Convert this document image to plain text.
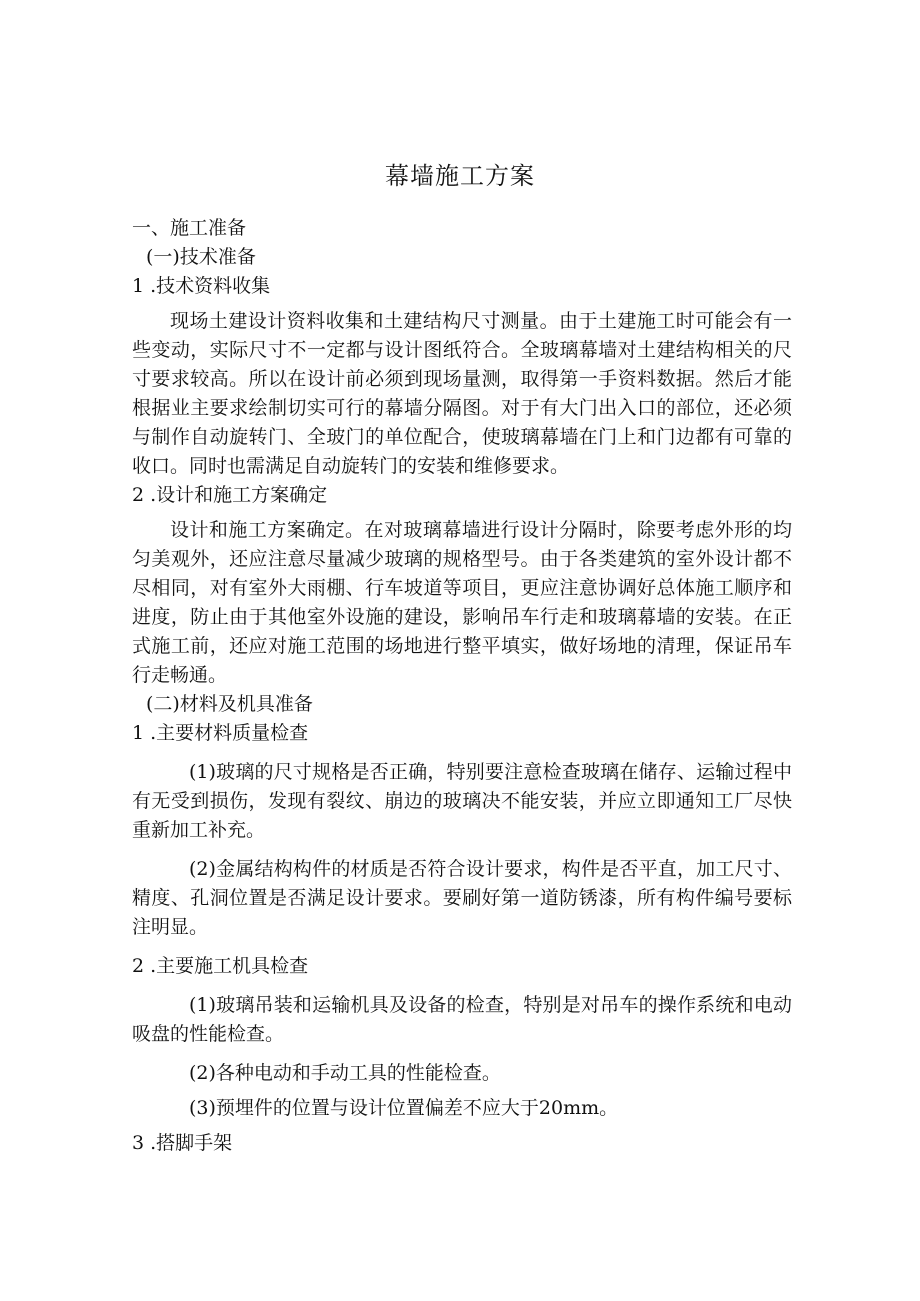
幕墙施工方案
一、施工准备
(一)技术准备
1 .技术资料收集

现场土建设计资料收集和土建结构尺寸测量。由于土建施工时可能会有一些变动，实际尺寸不一定都与设计图纸符合。全玻璃幕墙对土建结构相关的尺寸要求较高。所以在设计前必须到现场量测，取得第一手资料数据。然后才能根据业主要求绘制切实可行的幕墙分隔图。对于有大门出入口的部位，还必须与制作自动旋转门、全玻门的单位配合，使玻璃幕墙在门上和门边都有可靠的收口。同时也需满足自动旋转门的安装和维修要求。

2 .设计和施工方案确定

设计和施工方案确定。在对玻璃幕墙进行设计分隔时，除要考虑外形的均匀美观外，还应注意尽量减少玻璃的规格型号。由于各类建筑的室外设计都不尽相同，对有室外大雨棚、行车坡道等项目，更应注意协调好总体施工顺序和进度，防止由于其他室外设施的建设，影响吊车行走和玻璃幕墙的安装。在正式施工前，还应对施工范围的场地进行整平填实，做好场地的清理，保证吊车行走畅通。

(二)材料及机具准备
1 .主要材料质量检查

(1)玻璃的尺寸规格是否正确，特别要注意检查玻璃在储存、运输过程中有无受到损伤，发现有裂纹、崩边的玻璃决不能安装，并应立即通知工厂尽快重新加工补充。

(2)金属结构构件的材质是否符合设计要求，构件是否平直，加工尺寸、精度、孔洞位置是否满足设计要求。要刷好第一道防锈漆，所有构件编号要标注明显。

2 .主要施工机具检查

(1)玻璃吊装和运输机具及设备的检查，特别是对吊车的操作系统和电动吸盘的性能检查。

(2)各种电动和手动工具的性能检查。

(3)预埋件的位置与设计位置偏差不应大于20mm。

3 .搭脚手架
